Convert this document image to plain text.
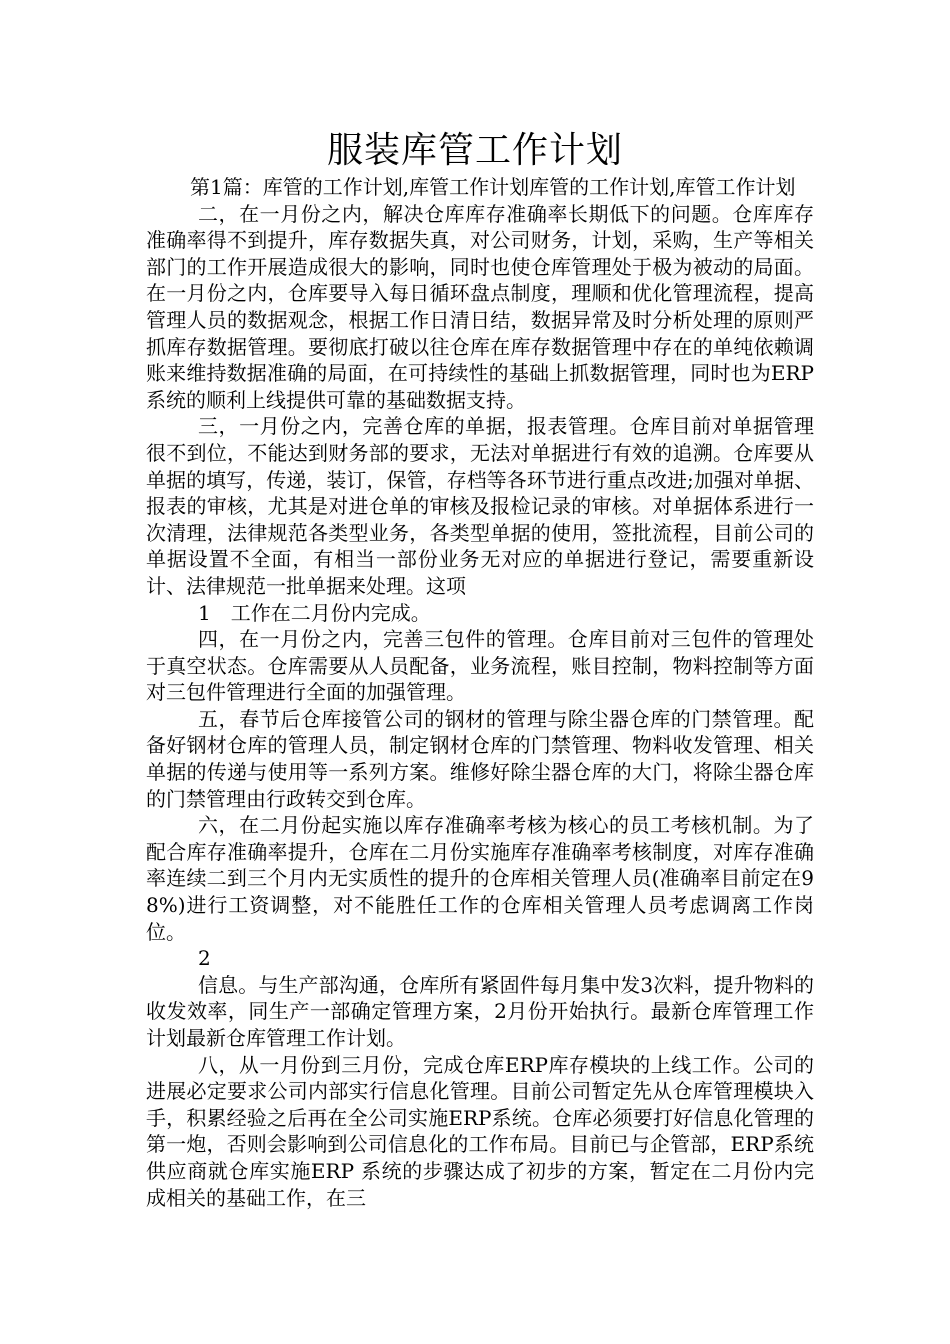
服装库管工作计划

第1篇：库管的工作计划,库管工作计划库管的工作计划,库管工作计划

二，在一月份之内，解决仓库库存准确率长期低下的问题。仓库库存准确率得不到提升，库存数据失真，对公司财务，计划，采购，生产等相关部门的工作开展造成很大的影响，同时也使仓库管理处于极为被动的局面。在一月份之内，仓库要导入每日循环盘点制度，理顺和优化管理流程，提高管理人员的数据观念，根据工作日清日结，数据异常及时分析处理的原则严抓库存数据管理。要彻底打破以往仓库在库存数据管理中存在的单纯依赖调账来维持数据准确的局面，在可持续性的基础上抓数据管理，同时也为ERP系统的顺利上线提供可靠的基础数据支持。

三，一月份之内，完善仓库的单据，报表管理。仓库目前对单据管理很不到位，不能达到财务部的要求，无法对单据进行有效的追溯。仓库要从单据的填写，传递，装订，保管，存档等各环节进行重点改进;加强对单据、报表的审核，尤其是对进仓单的审核及报检记录的审核。对单据体系进行一次清理，法律规范各类型业务，各类型单据的使用，签批流程，目前公司的单据设置不全面，有相当一部份业务无对应的单据进行登记，需要重新设计、法律规范一批单据来处理。这项

1　工作在二月份内完成。

四，在一月份之内，完善三包件的管理。仓库目前对三包件的管理处于真空状态。仓库需要从人员配备，业务流程，账目控制，物料控制等方面对三包件管理进行全面的加强管理。

五，春节后仓库接管公司的钢材的管理与除尘器仓库的门禁管理。配备好钢材仓库的管理人员，制定钢材仓库的门禁管理、物料收发管理、相关单据的传递与使用等一系列方案。维修好除尘器仓库的大门，将除尘器仓库的门禁管理由行政转交到仓库。

六，在二月份起实施以库存准确率考核为核心的员工考核机制。为了配合库存准确率提升，仓库在二月份实施库存准确率考核制度，对库存准确率连续二到三个月内无实质性的提升的仓库相关管理人员(准确率目前定在98%)进行工资调整，对不能胜任工作的仓库相关管理人员考虑调离工作岗位。

2

信息。与生产部沟通，仓库所有紧固件每月集中发3次料，提升物料的收发效率，同生产一部确定管理方案，2月份开始执行。最新仓库管理工作计划最新仓库管理工作计划。

八，从一月份到三月份，完成仓库ERP库存模块的上线工作。公司的进展必定要求公司内部实行信息化管理。目前公司暂定先从仓库管理模块入手，积累经验之后再在全公司实施ERP系统。仓库必须要打好信息化管理的第一炮，否则会影响到公司信息化的工作布局。目前已与企管部，ERP系统供应商就仓库实施ERP 系统的步骤达成了初步的方案，暂定在二月份内完成相关的基础工作，在三
